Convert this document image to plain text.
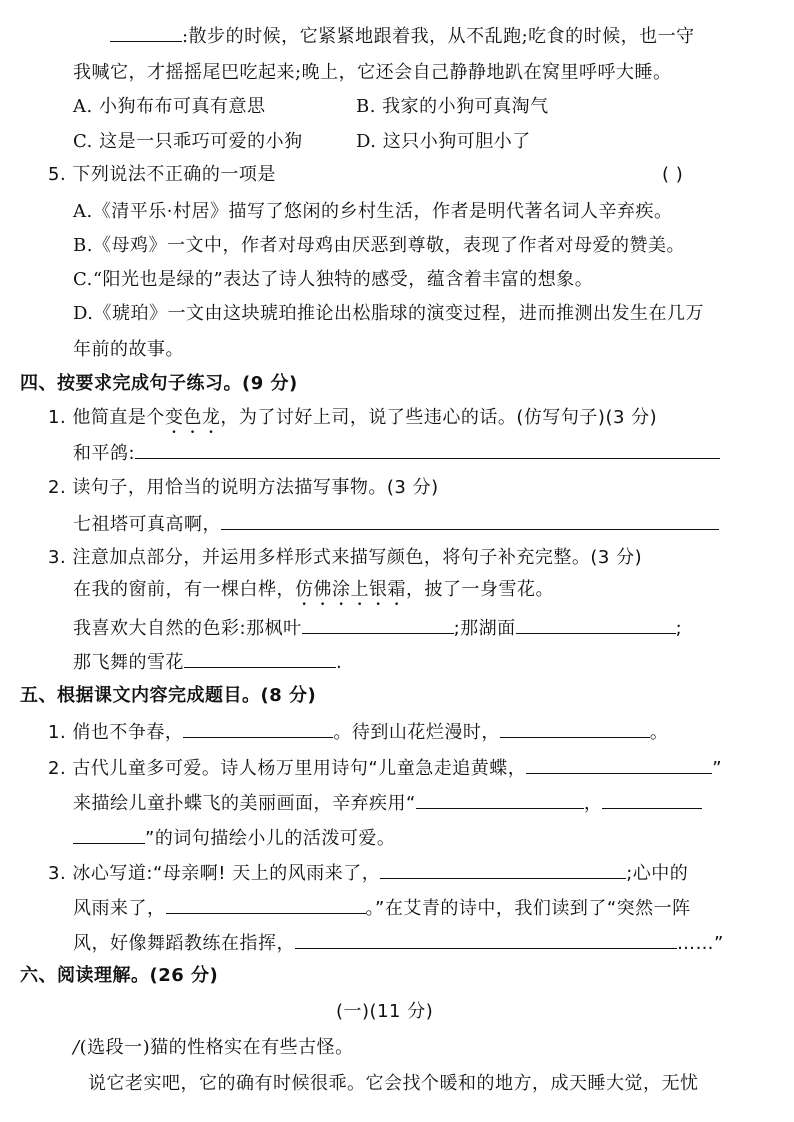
:散步的时候，它紧紧地跟着我，从不乱跑;吃食的时候，也一守
我喊它，才摇摇尾巴吃起来;晚上，它还会自己静静地趴在窝里呼呼大睡。
A. 小狗布布可真有意思	B. 我家的小狗可真淘气
C. 这是一只乖巧可爱的小狗	D. 这只小狗可胆小了
5. 下列说法不正确的一项是	( )
A.《清平乐·村居》描写了悠闲的乡村生活，作者是明代著名词人辛弃疾。
B.《母鸡》一文中，作者对母鸡由厌恶到尊敬，表现了作者对母爱的赞美。
C.“阳光也是绿的”表达了诗人独特的感受，蕴含着丰富的想象。
D.《琥珀》一文由这块琥珀推论出松脂球的演变过程，进而推测出发生在几万
年前的故事。
四、按要求完成句子练习。(9 分)
1. 他简直是个变色龙，为了讨好上司，说了些违心的话。(仿写句子)(3 分)
和平鸽:
2. 读句子，用恰当的说明方法描写事物。(3 分)
七祖塔可真高啊，
3. 注意加点部分，并运用多样形式来描写颜色，将句子补充完整。(3 分)
在我的窗前，有一棵白桦，仿佛涂上银霜，披了一身雪花。
我喜欢大自然的色彩:那枫叶	;那湖面	;
那飞舞的雪花	.
五、根据课文内容完成题目。(8 分)
1. 俏也不争春，	。待到山花烂漫时，	。
2. 古代儿童多可爱。诗人杨万里用诗句“儿童急走追黄蝶，	”
来描绘儿童扑蝶飞的美丽画面，辛弃疾用“	，
”的词句描绘小儿的活泼可爱。
3. 冰心写道:“母亲啊! 天上的风雨来了，	;心中的
风雨来了，	。”在艾青的诗中，我们读到了“突然一阵
风，好像舞蹈教练在指挥，	……”
六、阅读理解。(26 分)
(一)(11 分)
/(选段一)猫的性格实在有些古怪。
说它老实吧，它的确有时候很乖。它会找个暖和的地方，成天睡大觉，无忧
